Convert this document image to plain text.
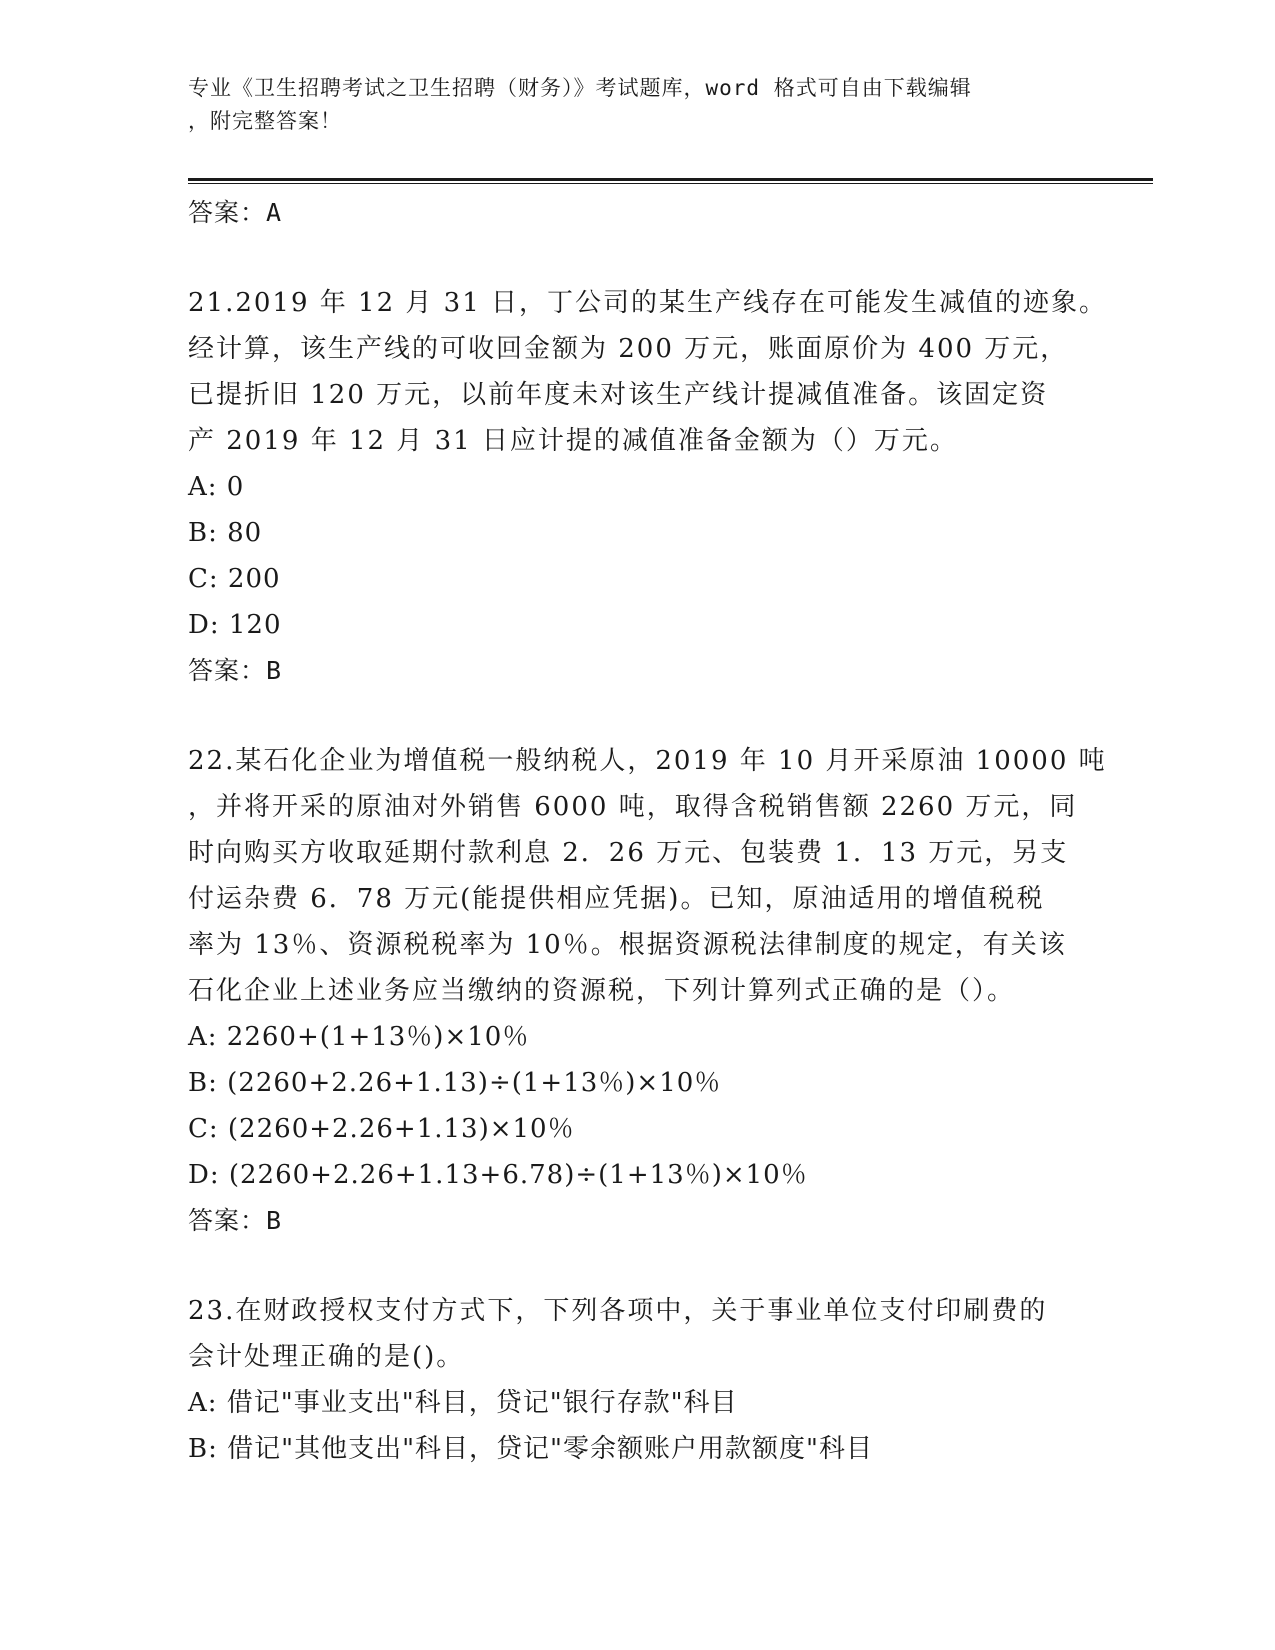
专业《卫生招聘考试之卫生招聘（财务）》考试题库，word 格式可自由下载编辑
，附完整答案！
答案：A
21.2019 年 12 月 31 日，丁公司的某生产线存在可能发生减值的迹象。
经计算，该生产线的可收回金额为 200 万元，账面原价为 400 万元，
已提折旧 120 万元，以前年度未对该生产线计提减值准备。该固定资
产 2019 年 12 月 31 日应计提的减值准备金额为（）万元。
A: 0
B: 80
C: 200
D: 120
答案：B
22.某石化企业为增值税一般纳税人，2019 年 10 月开采原油 10000 吨
，并将开采的原油对外销售 6000 吨，取得含税销售额 2260 万元，同
时向购买方收取延期付款利息 2．26 万元、包装费 1．13 万元，另支
付运杂费 6．78 万元(能提供相应凭据)。已知，原油适用的增值税税
率为 13％、资源税税率为 10％。根据资源税法律制度的规定，有关该
石化企业上述业务应当缴纳的资源税，下列计算列式正确的是（）。
A: 2260+(1+13％)×10％
B: (2260+2.26+1.13)÷(1+13％)×10％
C: (2260+2.26+1.13)×10％
D: (2260+2.26+1.13+6.78)÷(1+13％)×10％
答案：B
23.在财政授权支付方式下，下列各项中，关于事业单位支付印刷费的
会计处理正确的是()。
A: 借记"事业支出"科目，贷记"银行存款"科目
B: 借记"其他支出"科目，贷记"零余额账户用款额度"科目
